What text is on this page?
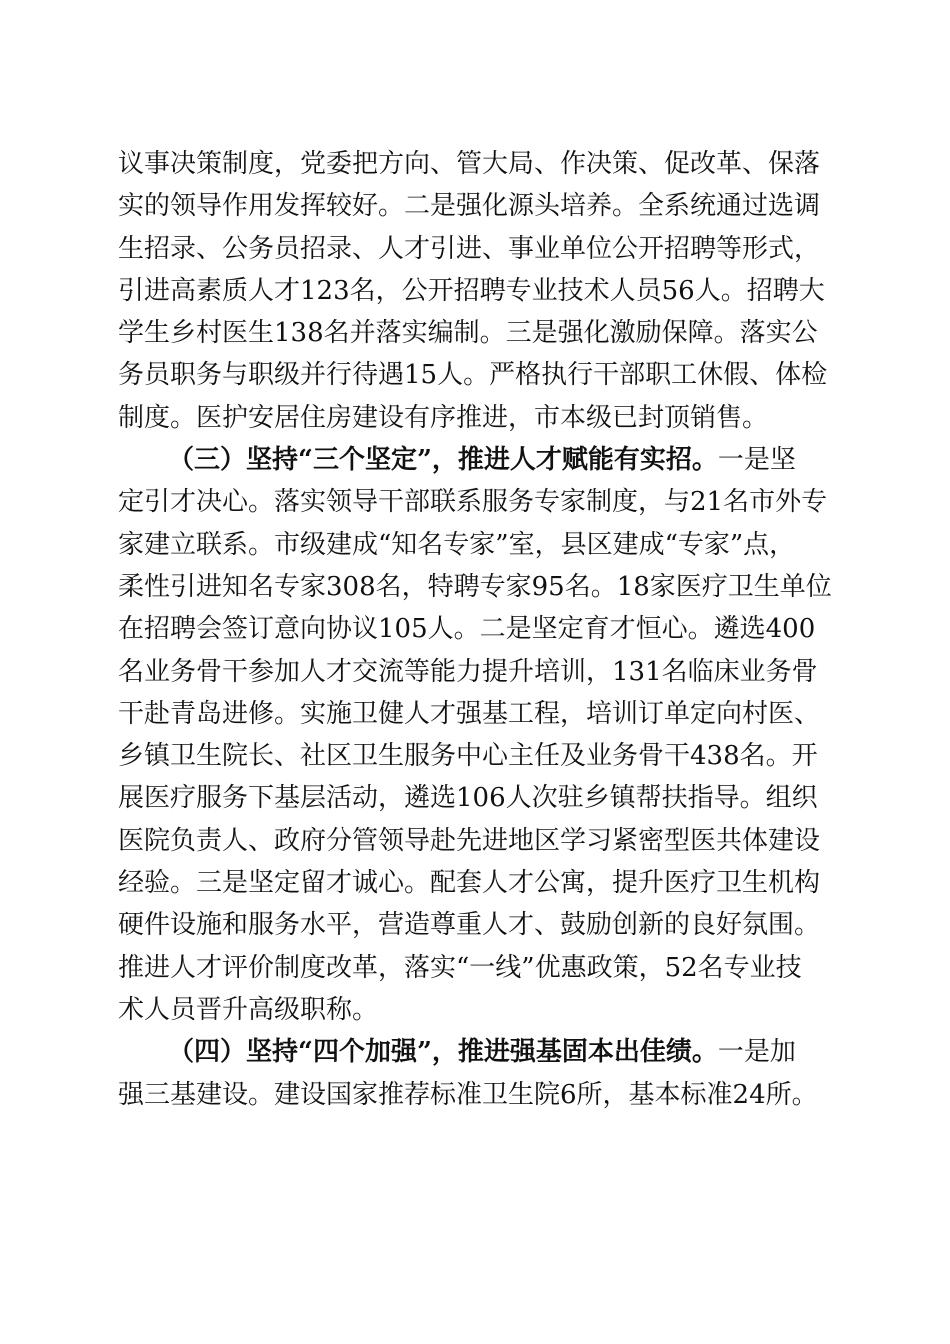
议事决策制度，党委把方向、管大局、作决策、促改革、保落
实的领导作用发挥较好。二是强化源头培养。全系统通过选调
生招录、公务员招录、人才引进、事业单位公开招聘等形式，
引进高素质人才123名，公开招聘专业技术人员56人。招聘大
学生乡村医生138名并落实编制。三是强化激励保障。落实公
务员职务与职级并行待遇15人。严格执行干部职工休假、体检
制度。医护安居住房建设有序推进，市本级已封顶销售。
（三）坚持“三个坚定”，推进人才赋能有实招。一是坚
定引才决心。落实领导干部联系服务专家制度，与21名市外专
家建立联系。市级建成“知名专家”室，县区建成“专家”点，
柔性引进知名专家308名，特聘专家95名。18家医疗卫生单位
在招聘会签订意向协议105人。二是坚定育才恒心。遴选400
名业务骨干参加人才交流等能力提升培训，131名临床业务骨
干赴青岛进修。实施卫健人才强基工程，培训订单定向村医、
乡镇卫生院长、社区卫生服务中心主任及业务骨干438名。开
展医疗服务下基层活动，遴选106人次驻乡镇帮扶指导。组织
医院负责人、政府分管领导赴先进地区学习紧密型医共体建设
经验。三是坚定留才诚心。配套人才公寓，提升医疗卫生机构
硬件设施和服务水平，营造尊重人才、鼓励创新的良好氛围。
推进人才评价制度改革，落实“一线”优惠政策，52名专业技
术人员晋升高级职称。
（四）坚持“四个加强”，推进强基固本出佳绩。一是加
强三基建设。建设国家推荐标准卫生院6所，基本标准24所。
